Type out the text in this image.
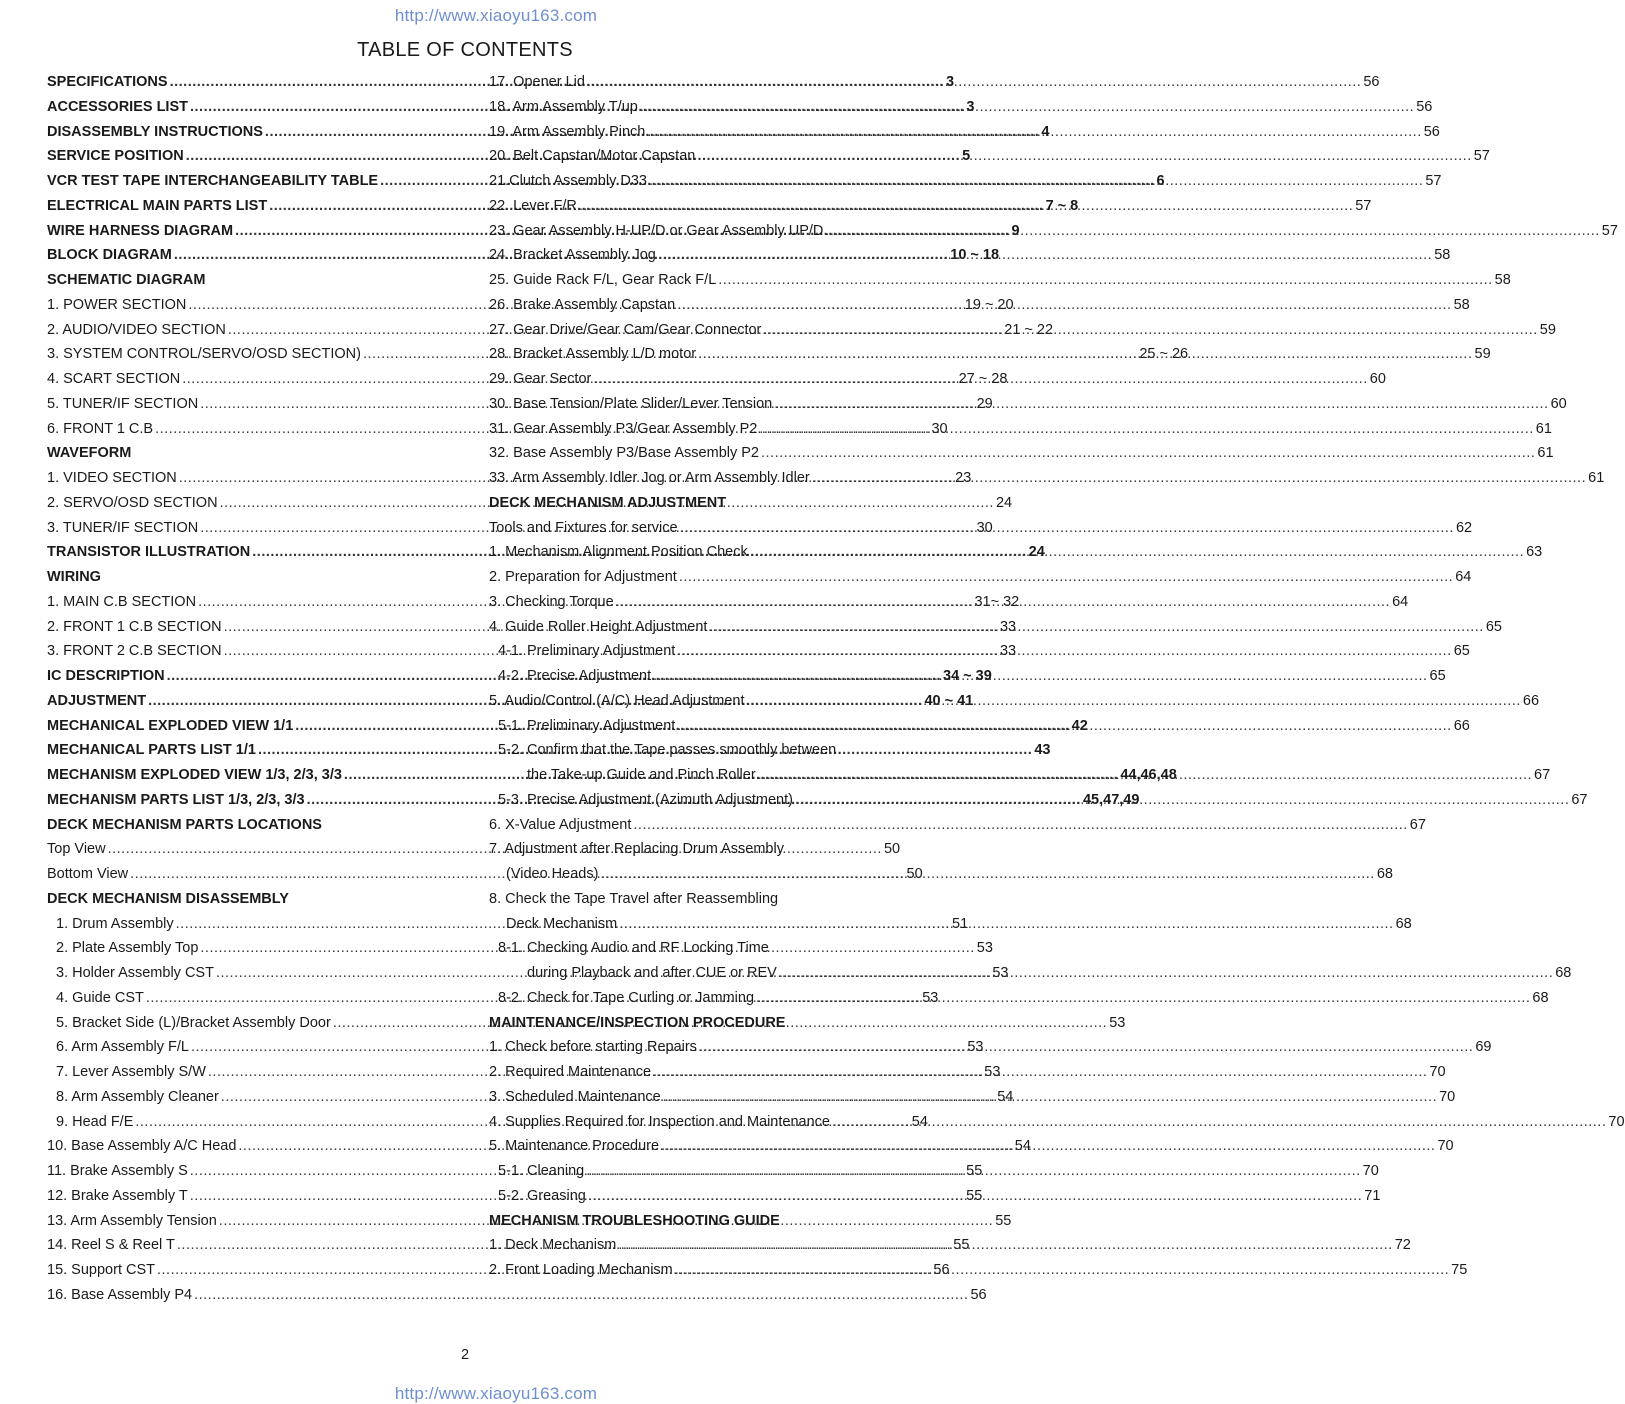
http://www.xiaoyu163.com
TABLE OF CONTENTS
SPECIFICATIONS .....	3
ACCESSORIES LIST .....	3
DISASSEMBLY INSTRUCTIONS .....	4
SERVICE POSITION .....	5
VCR TEST TAPE INTERCHANGEABILITY TABLE .....	6
ELECTRICAL MAIN PARTS LIST .....	7 ~ 8
WIRE HARNESS DIAGRAM .....	9
BLOCK DIAGRAM .....	10 ~ 18
SCHEMATIC DIAGRAM
1. POWER SECTION .....	19 ~ 20
2. AUDIO/VIDEO SECTION .....	21 ~ 22
3. SYSTEM CONTROL/SERVO/OSD SECTION) .....	25 ~ 26
4. SCART SECTION .....	27 ~ 28
5. TUNER/IF SECTION .....	29
6. FRONT 1 C.B .....	30
WAVEFORM
1. VIDEO SECTION .....	23
2. SERVO/OSD SECTION .....	24
3. TUNER/IF SECTION .....	30
TRANSISTOR ILLUSTRATION .....	24
WIRING
1. MAIN C.B SECTION .....	31~ 32
2. FRONT 1 C.B SECTION .....	33
3. FRONT 2 C.B SECTION .....	33
IC DESCRIPTION .....	34 ~ 39
ADJUSTMENT .....	40 ~ 41
MECHANICAL EXPLODED VIEW 1/1 .....	42
MECHANICAL PARTS LIST 1/1 .....	43
MECHANISM EXPLODED VIEW 1/3, 2/3, 3/3 .....	44,46,48
MECHANISM PARTS LIST 1/3, 2/3, 3/3 .....	45,47,49
DECK MECHANISM PARTS LOCATIONS
Top View .....	50
Bottom View .....	50
DECK MECHANISM DISASSEMBLY
1. Drum Assembly .....	51
2. Plate Assembly Top .....	53
3. Holder Assembly CST .....	53
4. Guide CST .....	53
5. Bracket Side (L)/Bracket Assembly Door .....	53
6. Arm Assembly F/L .....	53
7. Lever Assembly S/W .....	53
8. Arm Assembly Cleaner .....	54
9. Head F/E .....	54
10. Base Assembly A/C Head .....	54
11. Brake Assembly S .....	55
12. Brake Assembly T .....	55
13. Arm Assembly Tension .....	55
14. Reel S & Reel T .....	55
15. Support CST .....	56
16. Base Assembly P4 .....	56
17. Opener Lid .....	56
18. Arm Assembly T/up .....	56
19. Arm Assembly Pinch .....	56
20. Belt Capstan/Motor Capstan .....	57
21.Clutch Assembly D33 .....	57
22. Lever F/R .....	57
23. Gear Assembly H-UP/D or Gear Assembly UP/D .....	57
24. Bracket Assembly Jog .....	58
25. Guide Rack F/L, Gear Rack F/L .....	58
26. Brake Assembly Capstan .....	58
27. Gear Drive/Gear Cam/Gear Connector .....	59
28. Bracket Assembly L/D motor .....	59
29. Gear Sector .....	60
30. Base Tension/Plate Slider/Lever Tension .....	60
31. Gear Assembly P3/Gear Assembly P2 .....	61
32. Base Assembly P3/Base Assembly P2 .....	61
33. Arm Assembly Idler Jog or Arm Assembly Idler .....	61
DECK MECHANISM ADJUSTMENT
Tools and Fixtures for service .....	62
1. Mechanism Alignment Position Check .....	63
2. Preparation for Adjustment .....	64
3. Checking Torque .....	64
4. Guide Roller Height Adjustment .....	65
4-1. Preliminary Adjustment .....	65
4-2. Precise Adjustment .....	65
5. Audio/Control (A/C) Head Adjustment .....	66
5-1. Preliminary Adjustment .....	66
5-2. Confirm that the Tape passes smoothly between
the Take-up Guide and Pinch Roller .....	67
5-3. Precise Adjustment (Azimuth Adjustment) .....	67
6. X-Value Adjustment .....	67
7. Adjustment after Replacing Drum Assembly
(Video Heads) .....	68
8. Check the Tape Travel after Reassembling
Deck Mechanism .....	68
8-1. Checking Audio and RF Locking Time
during Playback and after CUE or REV .....	68
8-2. Check for Tape Curling or Jamming .....	68
MAINTENANCE/INSPECTION PROCEDURE
1. Check before starting Repairs .....	69
2. Required Maintenance .....	70
3. Scheduled Maintenance .....	70
4. Supplies Required for Inspection and Maintenance .....	70
5. Maintenance Procedure .....	70
5-1. Cleaning .....	70
5-2. Greasing .....	71
MECHANISM TROUBLESHOOTING GUIDE
1. Deck Mechanism .....	72
2. Front Loading Mechanism .....	75
2
http://www.xiaoyu163.com
